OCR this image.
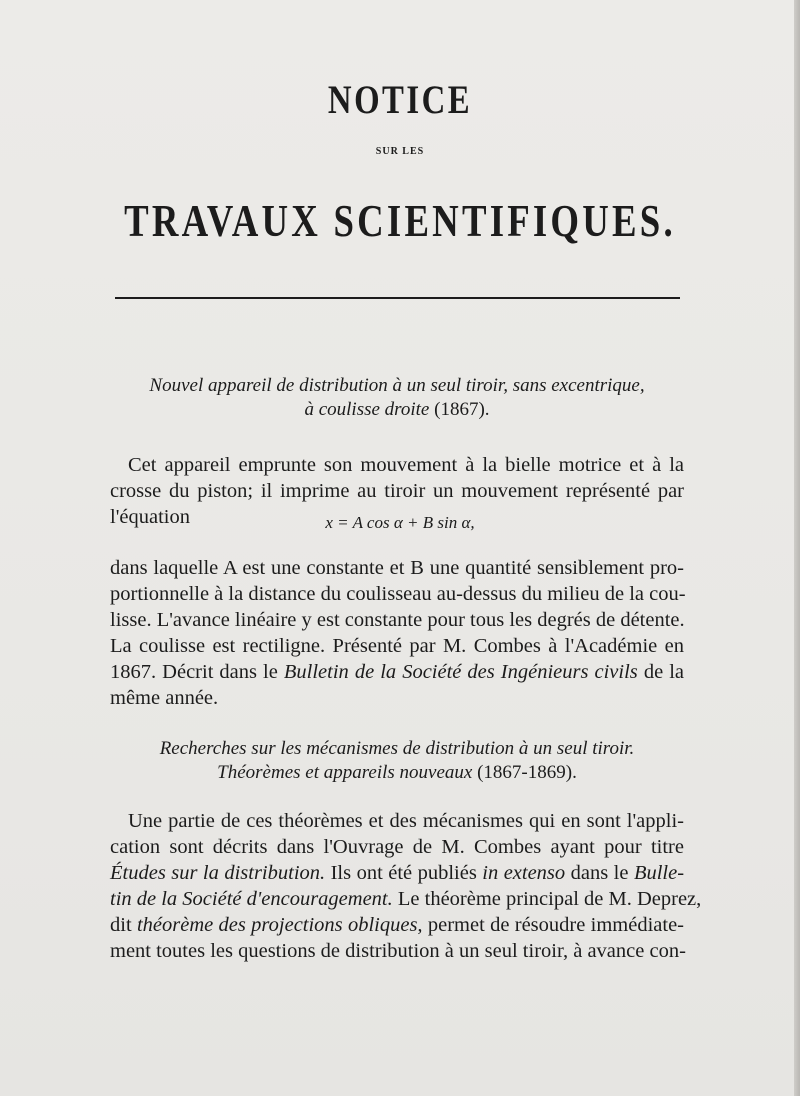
NOTICE
SUR LES
TRAVAUX SCIENTIFIQUES.
Nouvel appareil de distribution à un seul tiroir, sans excentrique,
à coulisse droite (1867).
Cet appareil emprunte son mouvement à la bielle motrice et à la
crosse du piston; il imprime au tiroir un mouvement représenté par
l'équation	x = A cos α + B sin α,
dans laquelle A est une constante et B une quantité sensiblement pro-
portionnelle à la distance du coulisseau au-dessus du milieu de la cou-
lisse. L'avance linéaire y est constante pour tous les degrés de détente.
La coulisse est rectiligne. Présenté par M. Combes à l'Académie en
1867. Décrit dans le Bulletin de la Société des Ingénieurs civils de la
même année.
Recherches sur les mécanismes de distribution à un seul tiroir.
Théorèmes et appareils nouveaux (1867-1869).
Une partie de ces théorèmes et des mécanismes qui en sont l'appli-
cation sont décrits dans l'Ouvrage de M. Combes ayant pour titre
Études sur la distribution. Ils ont été publiés in extenso dans le Bulle-
tin de la Société d'encouragement. Le théorème principal de M. Deprez,
dit théorème des projections obliques, permet de résoudre immédiate-
ment toutes les questions de distribution à un seul tiroir, à avance con-
